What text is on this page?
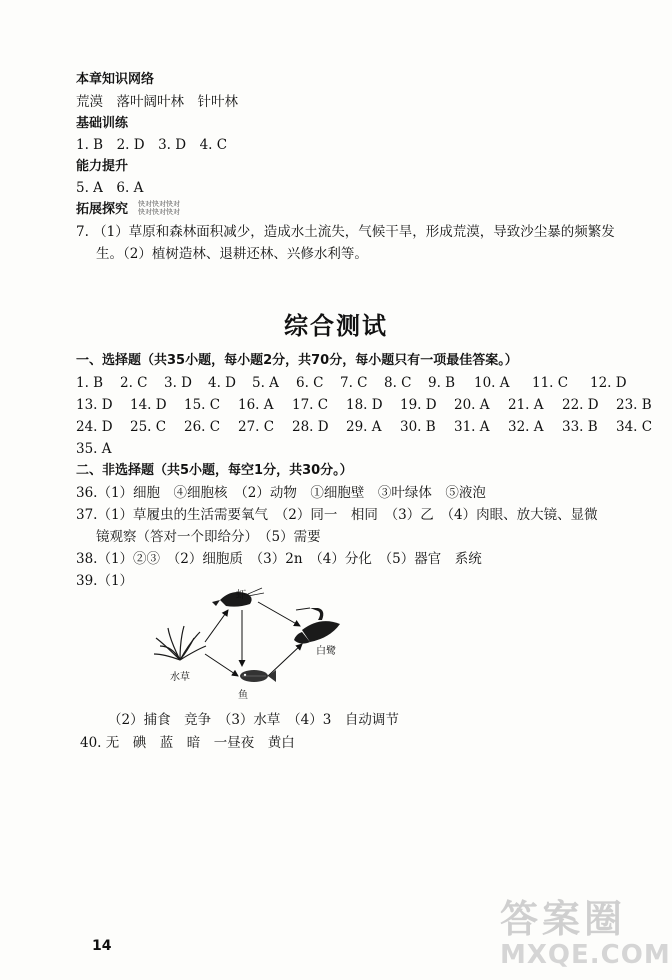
本章知识网络
荒漠　落叶阔叶林　针叶林
基础训练
1. B　2. D　3. D　4. C
能力提升
5. A　6. A
拓展探究 快对快对快对
快对快对快对
7. （1）草原和森林面积减少，造成水土流失，气候干旱，形成荒漠，导致沙尘暴的频繁发
生。（2）植树造林、退耕还林、兴修水利等。
综合测试
一、选择题（共35小题，每小题2分，共70分，每小题只有一项最佳答案。）
1. B 2. C 3. D 4. D 5. A 6. C 7. C 8. C 9. B 10. A 11. C 12. D
13. D 14. D 15. C 16. A 17. C 18. D 19. D 20. A 21. A 22. D 23. B
24. D 25. C 26. C 27. C 28. D 29. A 30. B 31. A 32. A 33. B 34. C
35. A
二、非选择题（共5小题，每空1分，共30分。）
36.（1）细胞　④细胞核　（2）动物　①细胞壁　③叶绿体　⑤液泡
37.（1）草履虫的生活需要氧气　（2）同一　相同　（3）乙　（4）肉眼、放大镜、显微
镜观察（答对一个即给分）　（5）需要
38.（1）②③　（2）细胞质　（3）2n　（4）分化　（5）器官　系统
39.（1）
虾
白鹭
水草
鱼
（2）捕食　竞争　（3）水草　（4）3　自动调节
40. 无　碘　蓝　暗　一昼夜　黄白
14
答案圈
MXQE.COM
